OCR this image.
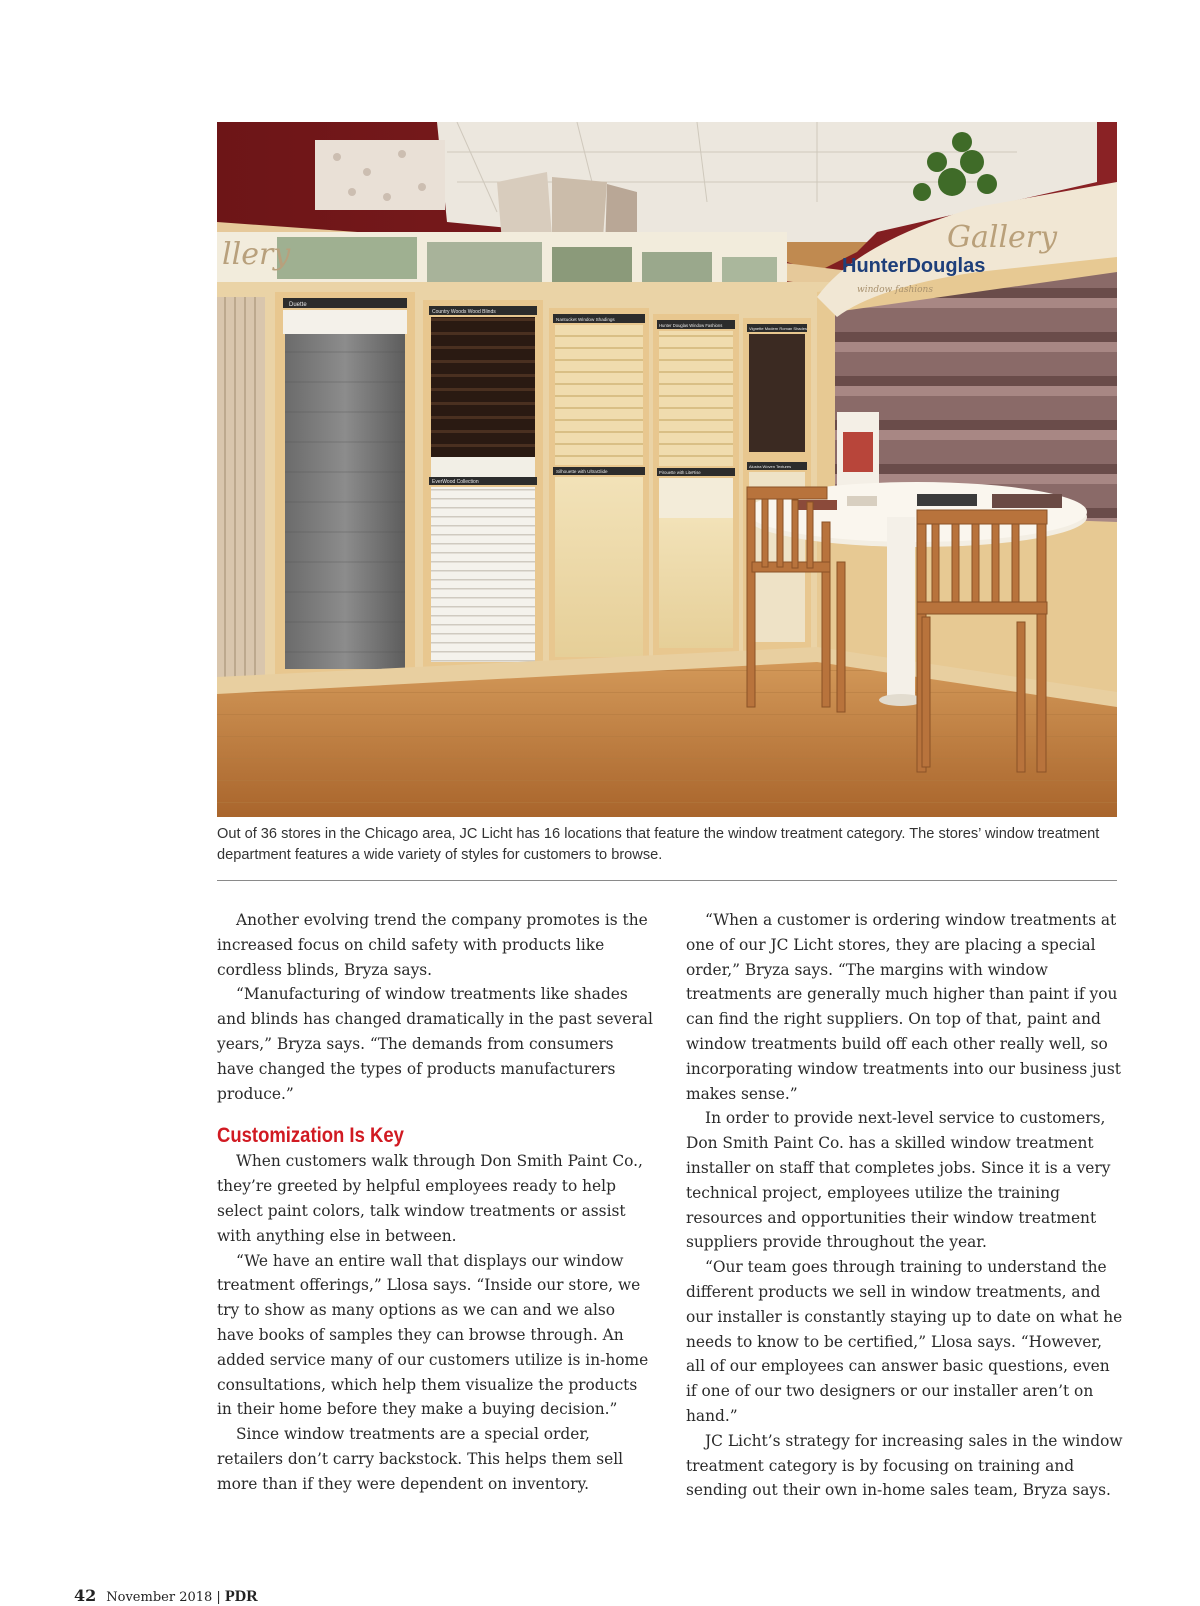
llery
Duette
Country Woods Wood Blinds
EverWood Collection
Nantucket Window Shadings
Silhouette with UltraGlide
Hunter Douglas Window Fashions
Pirouette with LiteRise
Vignette Modern Roman Shades
Alustra Woven Textures
HunterDouglas
Gallery
window fashions
Out of 36 stores in the Chicago area, JC Licht has 16 locations that feature the window treatment category. The stores’ window treatment department features a wide variety of styles for customers to browse.

Another evolving trend the company promotes is the increased focus on child safety with products like cordless blinds, Bryza says.

“Manufacturing of window treatments like shades and blinds has changed dramatically in the past several years,” Bryza says. “The demands from consumers have changed the types of products manufacturers produce.”

Customization Is Key

When customers walk through Don Smith Paint Co., they’re greeted by helpful employees ready to help select paint colors, talk window treatments or assist with anything else in between.

“We have an entire wall that displays our window treatment offerings,” Llosa says. “Inside our store, we try to show as many options as we can and we also have books of samples they can browse through. An added service many of our customers utilize is in-home consultations, which help them visualize the products in their home before they make a buying decision.”

Since window treatments are a special order, retailers don’t carry backstock. This helps them sell more than if they were dependent on inventory.

“When a customer is ordering window treatments at one of our JC Licht stores, they are placing a special order,” Bryza says. “The margins with window treatments are generally much higher than paint if you can find the right suppliers. On top of that, paint and window treatments build off each other really well, so incorporating window treatments into our business just makes sense.”

In order to provide next-level service to customers, Don Smith Paint Co. has a skilled window treatment installer on staff that completes jobs. Since it is a very technical project, employees utilize the training resources and opportunities their window treatment suppliers provide throughout the year.

“Our team goes through training to understand the different products we sell in window treatments, and our installer is constantly staying up to date on what he needs to know to be certified,” Llosa says. “However, all of our employees can answer basic questions, even if one of our two designers or our installer aren’t on hand.”

JC Licht’s strategy for increasing sales in the window treatment category is by focusing on training and sending out their own in-home sales team, Bryza says.

42 November 2018 | PDR
